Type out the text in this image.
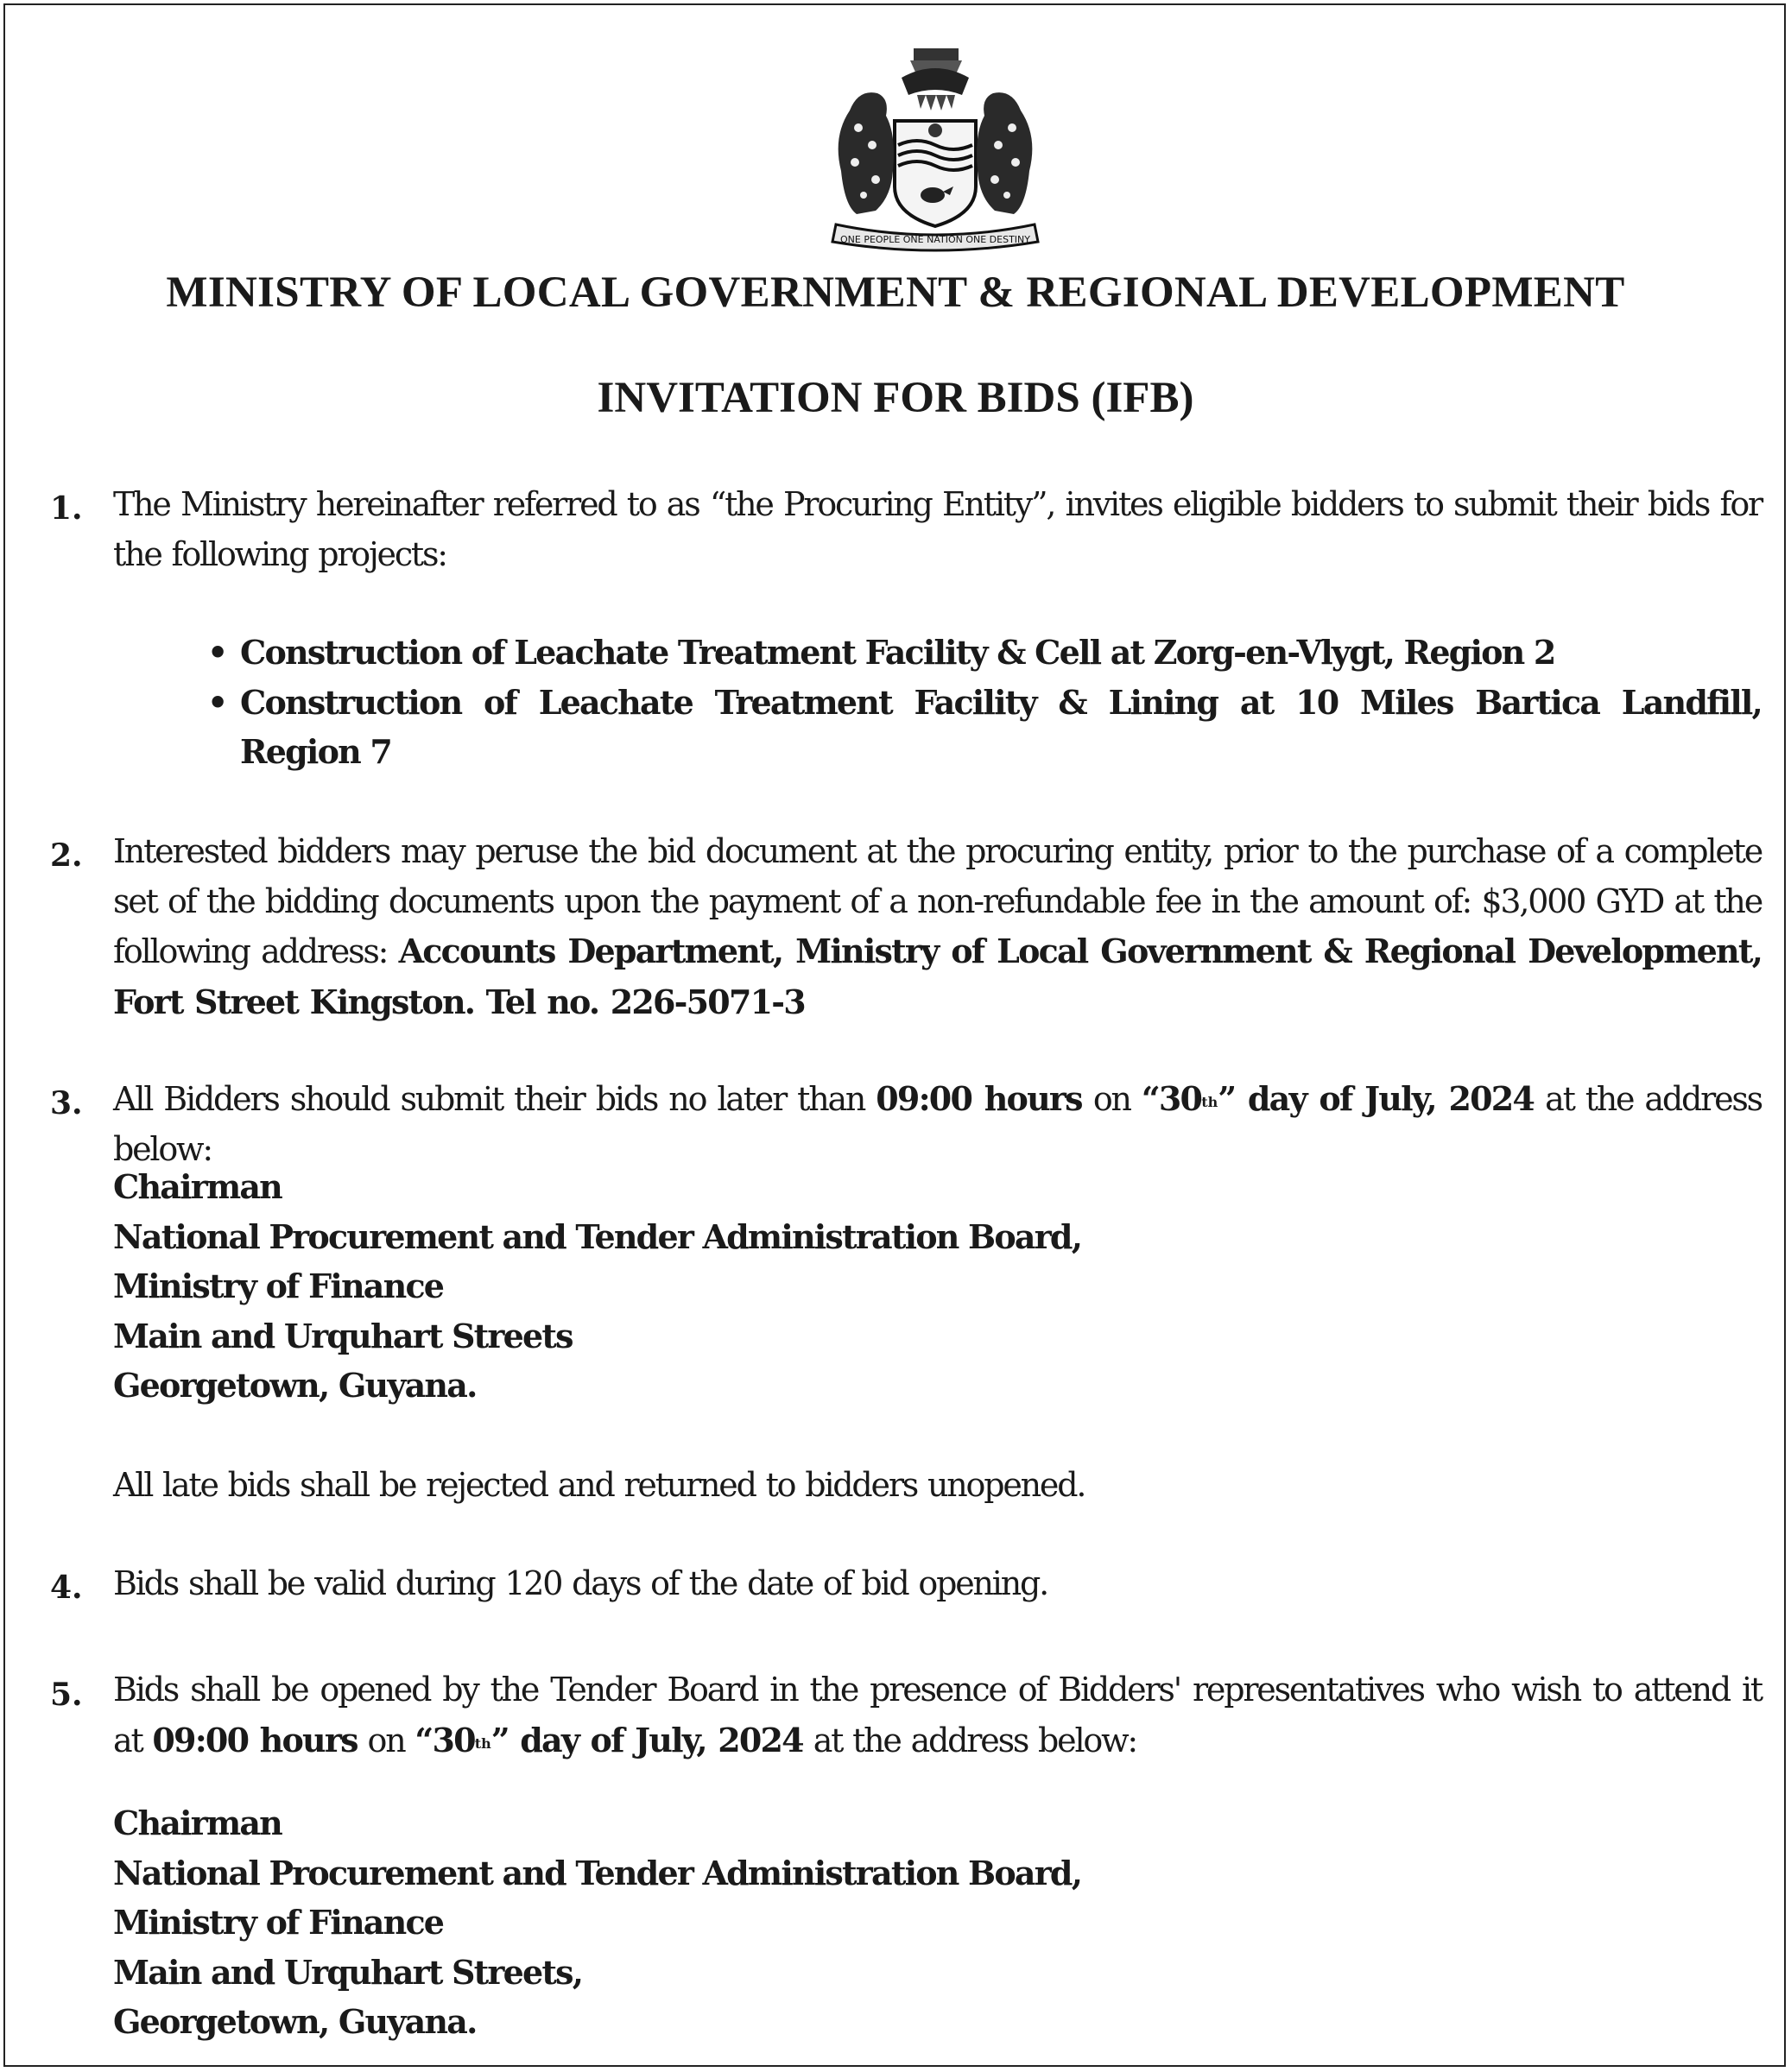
ONE PEOPLE ONE NATION ONE DESTINY
MINISTRY OF LOCAL GOVERNMENT & REGIONAL DEVELOPMENT
INVITATION FOR BIDS (IFB)
1. The Ministry hereinafter referred to as “the Procuring Entity”, invites eligible bidders to submit their bids for the following projects:
• Construction of Leachate Treatment Facility & Cell at Zorg-en-Vlygt, Region 2
• Construction of Leachate Treatment Facility & Lining at 10 Miles Bartica Landfill,
Region 7
2. Interested bidders may peruse the bid document at the procuring entity, prior to the purchase of a complete set of the bidding documents upon the payment of a non-refundable fee in the amount of: $3,000 GYD at the following address: Accounts Department, Ministry of Local Government & Regional Development, Fort Street Kingston. Tel no. 226-5071-3
3. All Bidders should submit their bids no later than 09:00 hours on “30th” day of July, 2024 at the address below:
Chairman
National Procurement and Tender Administration Board,
Ministry of Finance
Main and Urquhart Streets
Georgetown, Guyana.
All late bids shall be rejected and returned to bidders unopened.
4. Bids shall be valid during 120 days of the date of bid opening.
5. Bids shall be opened by the Tender Board in the presence of Bidders' representatives who wish to attend it at 09:00 hours on “30th” day of July, 2024 at the address below:
Chairman
National Procurement and Tender Administration Board,
Ministry of Finance
Main and Urquhart Streets,
Georgetown, Guyana.
